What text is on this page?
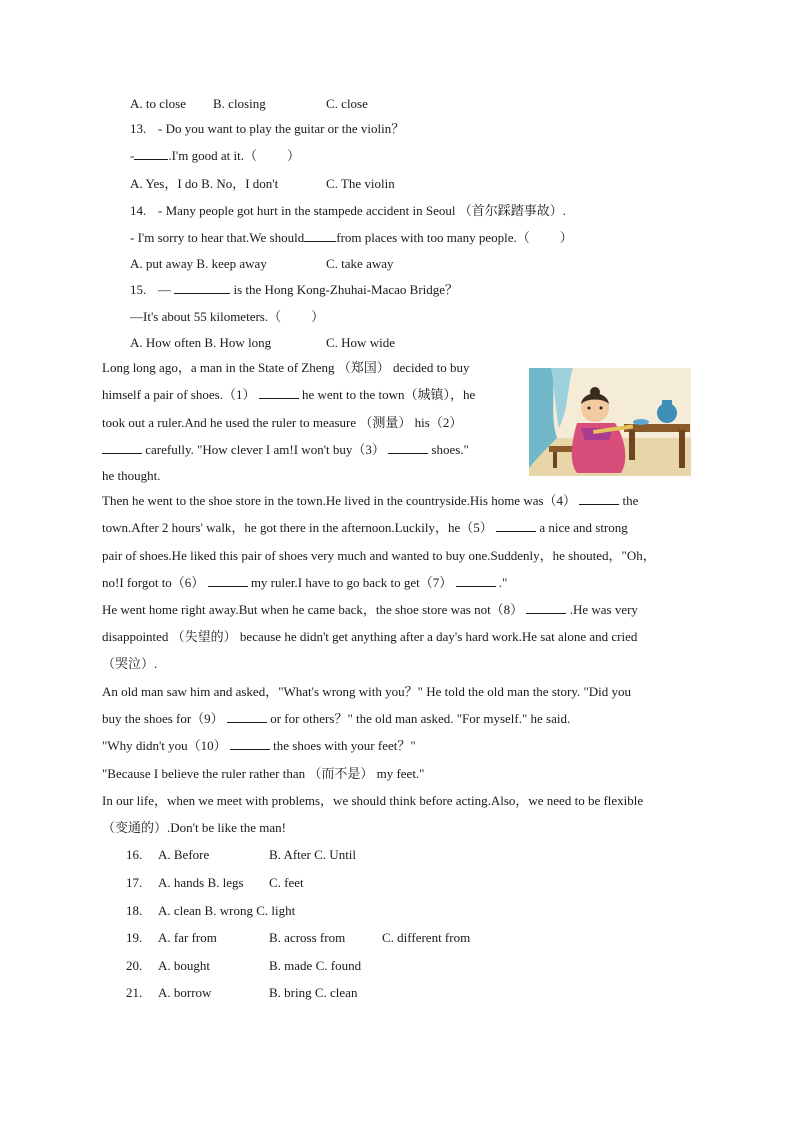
A. to close B. closing	C. close
13. - Do you want to play the guitar or the violin？
-	.I'm good at it.（ ）
A. Yes，I do B. No，I don't	C. The violin
14. - Many people got hurt in the stampede accident in Seoul （首尔踩踏事故）.
- I'm sorry to hear that.We should from places with too many people.（ ）
A. put away B. keep away	C. take away
15. —	is the Hong Kong-Zhuhai-Macao Bridge？
—It's about 55 kilometers.（ ）
A. How often B. How long	C. How wide
Long long ago，a man in the State of Zheng （郑国） decided to buy
himself a pair of shoes.（1）	he went to the town（城镇），he
took out a ruler.And he used the ruler to measure （测量） his（2）
carefully. "How clever I am!I won't buy（3）	shoes."
he thought.
Then he went to the shoe store in the town.He lived in the countryside.His home was（4）	the
town.After 2 hours' walk，he got there in the afternoon.Luckily，he（5）	a nice and strong
pair of shoes.He liked this pair of shoes very much and wanted to buy one.Suddenly，he shouted，"Oh，
no!I forgot to（6）	my ruler.I have to go back to get（7）	."
He went home right away.But when he came back，the shoe store was not（8）	.He was very
disappointed （失望的） because he didn't get anything after a day's hard work.He sat alone and cried
（哭泣）.
An old man saw him and asked，"What's wrong with you？" He told the old man the story. "Did you
buy the shoes for（9）	or for others？" the old man asked. "For myself." he said.
"Why didn't you（10）	the shoes with your feet？"
"Because I believe the ruler rather than （而不是） my feet."
In our life，when we meet with problems，we should think before acting.Also，we need to be flexible
（变通的）.Don't be like the man!
16. A. Before	B. After C. Until
17. A. hands B. legs C. feet
18. A. clean B. wrong C. light
19. A. far from	B. across from	C. different from
20. A. bought	B. made C. found
21. A. borrow	B. bring C. clean
